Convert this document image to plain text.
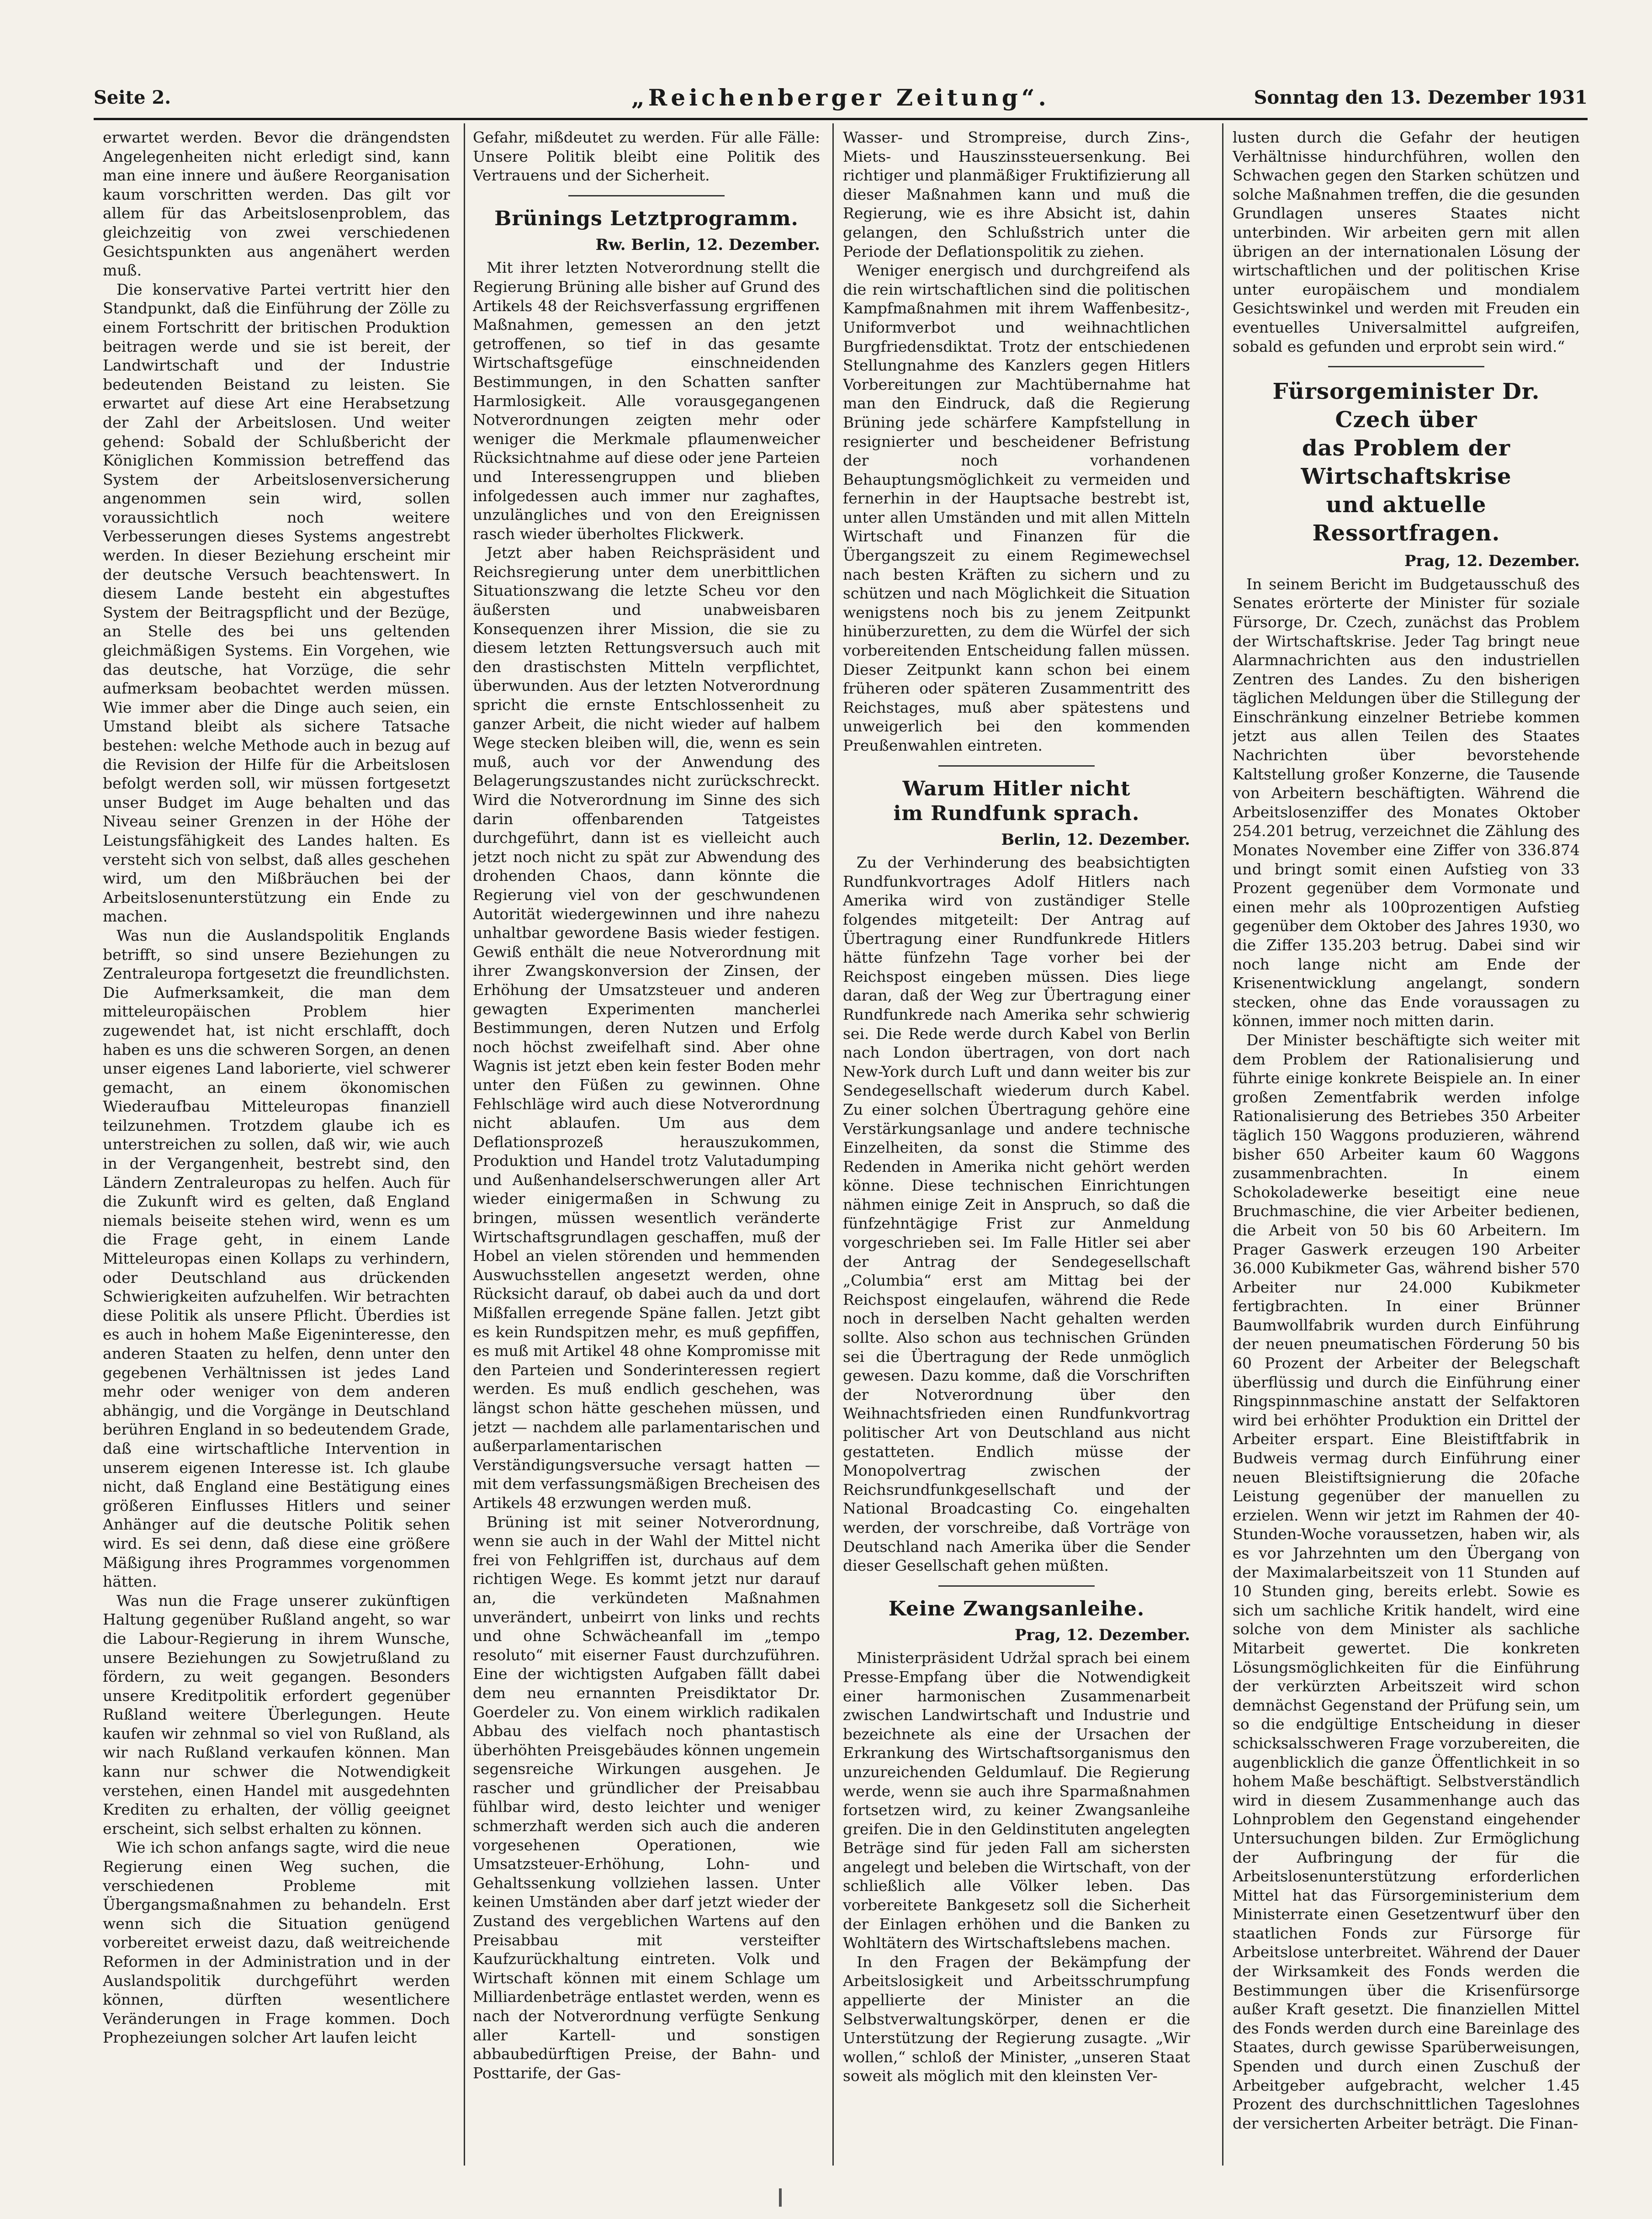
Seite 2.	„Reichenberger Zeitung“.	Sonntag den 13. Dezember 1931

erwartet werden. Bevor die drängendsten Angelegenheiten nicht erledigt sind, kann man eine innere und äußere Reorganisation kaum vorschritten werden. Das gilt vor allem für das Arbeitslosenproblem, das gleichzeitig von zwei verschiedenen Gesichtspunkten aus angenähert werden muß.

Die konservative Partei vertritt hier den Standpunkt, daß die Einführung der Zölle zu einem Fortschritt der britischen Produktion beitragen werde und sie ist bereit, der Landwirtschaft und der Industrie bedeutenden Beistand zu leisten. Sie erwartet auf diese Art eine Herabsetzung der Zahl der Arbeitslosen. Und weiter gehend: Sobald der Schlußbericht der Königlichen Kommission betreffend das System der Arbeitslosenversicherung angenommen sein wird, sollen voraussichtlich noch weitere Verbesserungen dieses Systems angestrebt werden. In dieser Beziehung erscheint mir der deutsche Versuch beachtenswert. In diesem Lande besteht ein abgestuftes System der Beitragspflicht und der Bezüge, an Stelle des bei uns geltenden gleichmäßigen Systems. Ein Vorgehen, wie das deutsche, hat Vorzüge, die sehr aufmerksam beobachtet werden müssen. Wie immer aber die Dinge auch seien, ein Umstand bleibt als sichere Tatsache bestehen: welche Methode auch in bezug auf die Revision der Hilfe für die Arbeitslosen befolgt werden soll, wir müssen fortgesetzt unser Budget im Auge behalten und das Niveau seiner Grenzen in der Höhe der Leistungsfähigkeit des Landes halten. Es versteht sich von selbst, daß alles geschehen wird, um den Mißbräuchen bei der Arbeitslosenunterstützung ein Ende zu machen.

Was nun die Auslandspolitik Englands betrifft, so sind unsere Beziehungen zu Zentraleuropa fortgesetzt die freundlichsten. Die Aufmerksamkeit, die man dem mitteleuropäischen Problem hier zugewendet hat, ist nicht erschlafft, doch haben es uns die schweren Sorgen, an denen unser eigenes Land laborierte, viel schwerer gemacht, an einem ökonomischen Wiederaufbau Mitteleuropas finanziell teilzunehmen. Trotzdem glaube ich es unterstreichen zu sollen, daß wir, wie auch in der Vergangenheit, bestrebt sind, den Ländern Zentraleuropas zu helfen. Auch für die Zukunft wird es gelten, daß England niemals beiseite stehen wird, wenn es um die Frage geht, in einem Lande Mitteleuropas einen Kollaps zu verhindern, oder Deutschland aus drückenden Schwierigkeiten aufzuhelfen. Wir betrachten diese Politik als unsere Pflicht. Überdies ist es auch in hohem Maße Eigeninteresse, den anderen Staaten zu helfen, denn unter den gegebenen Verhältnissen ist jedes Land mehr oder weniger von dem anderen abhängig, und die Vorgänge in Deutschland berühren England in so bedeutendem Grade, daß eine wirtschaftliche Intervention in unserem eigenen Interesse ist. Ich glaube nicht, daß England eine Bestätigung eines größeren Einflusses Hitlers und seiner Anhänger auf die deutsche Politik sehen wird. Es sei denn, daß diese eine größere Mäßigung ihres Programmes vorgenommen hätten.

Was nun die Frage unserer zukünftigen Haltung gegenüber Rußland angeht, so war die Labour-Regierung in ihrem Wunsche, unsere Beziehungen zu Sowjetrußland zu fördern, zu weit gegangen. Besonders unsere Kreditpolitik erfordert gegenüber Rußland weitere Überlegungen. Heute kaufen wir zehnmal so viel von Rußland, als wir nach Rußland verkaufen können. Man kann nur schwer die Notwendigkeit verstehen, einen Handel mit ausgedehnten Krediten zu erhalten, der völlig geeignet erscheint, sich selbst erhalten zu können.

Wie ich schon anfangs sagte, wird die neue Regierung einen Weg suchen, die verschiedenen Probleme mit Übergangsmaßnahmen zu behandeln. Erst wenn sich die Situation genügend vorbereitet erweist dazu, daß weitreichende Reformen in der Administration und in der Auslandspolitik durchgeführt werden können, dürften wesentlichere Veränderungen in Frage kommen. Doch Prophezeiungen solcher Art laufen leicht

Gefahr, mißdeutet zu werden. Für alle Fälle: Unsere Politik bleibt eine Politik des Vertrauens und der Sicherheit.

Brünings Letztprogramm.
Rw. Berlin, 12. Dezember.

Mit ihrer letzten Notverordnung stellt die Regierung Brüning alle bisher auf Grund des Artikels 48 der Reichsverfassung ergriffenen Maßnahmen, gemessen an den jetzt getroffenen, so tief in das gesamte Wirtschaftsgefüge einschneidenden Bestimmungen, in den Schatten sanfter Harmlosigkeit. Alle vorausgegangenen Notverordnungen zeigten mehr oder weniger die Merkmale pflaumenweicher Rücksichtnahme auf diese oder jene Parteien und Interessengruppen und blieben infolgedessen auch immer nur zaghaftes, unzulängliches und von den Ereignissen rasch wieder überholtes Flickwerk.

Jetzt aber haben Reichspräsident und Reichsregierung unter dem unerbittlichen Situationszwang die letzte Scheu vor den äußersten und unabweisbaren Konsequenzen ihrer Mission, die sie zu diesem letzten Rettungsversuch auch mit den drastischsten Mitteln verpflichtet, überwunden. Aus der letzten Notverordnung spricht die ernste Entschlossenheit zu ganzer Arbeit, die nicht wieder auf halbem Wege stecken bleiben will, die, wenn es sein muß, auch vor der Anwendung des Belagerungszustandes nicht zurückschreckt. Wird die Notverordnung im Sinne des sich darin offenbarenden Tatgeistes durchgeführt, dann ist es vielleicht auch jetzt noch nicht zu spät zur Abwendung des drohenden Chaos, dann könnte die Regierung viel von der geschwundenen Autorität wiedergewinnen und ihre nahezu unhaltbar gewordene Basis wieder festigen. Gewiß enthält die neue Notverordnung mit ihrer Zwangskonversion der Zinsen, der Erhöhung der Umsatzsteuer und anderen gewagten Experimenten mancherlei Bestimmungen, deren Nutzen und Erfolg noch höchst zweifelhaft sind. Aber ohne Wagnis ist jetzt eben kein fester Boden mehr unter den Füßen zu gewinnen. Ohne Fehlschläge wird auch diese Notverordnung nicht ablaufen. Um aus dem Deflationsprozeß herauszukommen, Produktion und Handel trotz Valutadumping und Außenhandelserschwerungen aller Art wieder einigermaßen in Schwung zu bringen, müssen wesentlich veränderte Wirtschaftsgrundlagen geschaffen, muß der Hobel an vielen störenden und hemmenden Auswuchsstellen angesetzt werden, ohne Rücksicht darauf, ob dabei auch da und dort Mißfallen erregende Späne fallen. Jetzt gibt es kein Rundspitzen mehr, es muß gepfiffen, es muß mit Artikel 48 ohne Kompromisse mit den Parteien und Sonderinteressen regiert werden. Es muß endlich geschehen, was längst schon hätte geschehen müssen, und jetzt — nachdem alle parlamentarischen und außerparlamentarischen Verständigungsversuche versagt hatten — mit dem verfassungsmäßigen Brecheisen des Artikels 48 erzwungen werden muß.

Brüning ist mit seiner Notverordnung, wenn sie auch in der Wahl der Mittel nicht frei von Fehlgriffen ist, durchaus auf dem richtigen Wege. Es kommt jetzt nur darauf an, die verkündeten Maßnahmen unverändert, unbeirrt von links und rechts und ohne Schwächeanfall im „tempo resoluto“ mit eiserner Faust durchzuführen. Eine der wichtigsten Aufgaben fällt dabei dem neu ernannten Preisdiktator Dr. Goerdeler zu. Von einem wirklich radikalen Abbau des vielfach noch phantastisch überhöhten Preisgebäudes können ungemein segensreiche Wirkungen ausgehen. Je rascher und gründlicher der Preisabbau fühlbar wird, desto leichter und weniger schmerzhaft werden sich auch die anderen vorgesehenen Operationen, wie Umsatzsteuer-Erhöhung, Lohn- und Gehaltssenkung vollziehen lassen. Unter keinen Umständen aber darf jetzt wieder der Zustand des vergeblichen Wartens auf den Preisabbau mit versteifter Kaufzurückhaltung eintreten. Volk und Wirtschaft können mit einem Schlage um Milliardenbeträge entlastet werden, wenn es nach der Notverordnung verfügte Senkung aller Kartell- und sonstigen abbaubedürftigen Preise, der Bahn- und Posttarife, der Gas-

Wasser- und Strompreise, durch Zins-, Miets- und Hauszinssteuersenkung. Bei richtiger und planmäßiger Fruktifizierung all dieser Maßnahmen kann und muß die Regierung, wie es ihre Absicht ist, dahin gelangen, den Schlußstrich unter die Periode der Deflationspolitik zu ziehen.

Weniger energisch und durchgreifend als die rein wirtschaftlichen sind die politischen Kampfmaßnahmen mit ihrem Waffenbesitz-, Uniformverbot und weihnachtlichen Burgfriedensdiktat. Trotz der entschiedenen Stellungnahme des Kanzlers gegen Hitlers Vorbereitungen zur Machtübernahme hat man den Eindruck, daß die Regierung Brüning jede schärfere Kampfstellung in resignierter und bescheidener Befristung der noch vorhandenen Behauptungsmöglichkeit zu vermeiden und fernerhin in der Hauptsache bestrebt ist, unter allen Umständen und mit allen Mitteln Wirtschaft und Finanzen für die Übergangszeit zu einem Regimewechsel nach besten Kräften zu sichern und zu schützen und nach Möglichkeit die Situation wenigstens noch bis zu jenem Zeitpunkt hinüberzuretten, zu dem die Würfel der sich vorbereitenden Entscheidung fallen müssen. Dieser Zeitpunkt kann schon bei einem früheren oder späteren Zusammentritt des Reichstages, muß aber spätestens und unweigerlich bei den kommenden Preußenwahlen eintreten.

Warum Hitler nicht
im Rundfunk sprach.
Berlin, 12. Dezember.

Zu der Verhinderung des beabsichtigten Rundfunkvortrages Adolf Hitlers nach Amerika wird von zuständiger Stelle folgendes mitgeteilt: Der Antrag auf Übertragung einer Rundfunkrede Hitlers hätte fünfzehn Tage vorher bei der Reichspost eingeben müssen. Dies liege daran, daß der Weg zur Übertragung einer Rundfunkrede nach Amerika sehr schwierig sei. Die Rede werde durch Kabel von Berlin nach London übertragen, von dort nach New-York durch Luft und dann weiter bis zur Sendegesellschaft wiederum durch Kabel. Zu einer solchen Übertragung gehöre eine Verstärkungsanlage und andere technische Einzelheiten, da sonst die Stimme des Redenden in Amerika nicht gehört werden könne. Diese technischen Einrichtungen nähmen einige Zeit in Anspruch, so daß die fünfzehntägige Frist zur Anmeldung vorgeschrieben sei. Im Falle Hitler sei aber der Antrag der Sendegesellschaft „Columbia“ erst am Mittag bei der Reichspost eingelaufen, während die Rede noch in derselben Nacht gehalten werden sollte. Also schon aus technischen Gründen sei die Übertragung der Rede unmöglich gewesen. Dazu komme, daß die Vorschriften der Notverordnung über den Weihnachtsfrieden einen Rundfunkvortrag politischer Art von Deutschland aus nicht gestatteten. Endlich müsse der Monopolvertrag zwischen der Reichsrundfunkgesellschaft und der National Broadcasting Co. eingehalten werden, der vorschreibe, daß Vorträge von Deutschland nach Amerika über die Sender dieser Gesellschaft gehen müßten.

Keine Zwangsanleihe.
Prag, 12. Dezember.

Ministerpräsident Udržal sprach bei einem Presse-Empfang über die Notwendigkeit einer harmonischen Zusammenarbeit zwischen Landwirtschaft und Industrie und bezeichnete als eine der Ursachen der Erkrankung des Wirtschaftsorganismus den unzureichenden Geldumlauf. Die Regierung werde, wenn sie auch ihre Sparmaßnahmen fortsetzen wird, zu keiner Zwangsanleihe greifen. Die in den Geldinstituten angelegten Beträge sind für jeden Fall am sichersten angelegt und beleben die Wirtschaft, von der schließlich alle Völker leben. Das vorbereitete Bankgesetz soll die Sicherheit der Einlagen erhöhen und die Banken zu Wohltätern des Wirtschaftslebens machen.

In den Fragen der Bekämpfung der Arbeitslosigkeit und Arbeitsschrumpfung appellierte der Minister an die Selbstverwaltungskörper, denen er die Unterstützung der Regierung zusagte. „Wir wollen,“ schloß der Minister, „unseren Staat soweit als möglich mit den kleinsten Ver-

lusten durch die Gefahr der heutigen Verhältnisse hindurchführen, wollen den Schwachen gegen den Starken schützen und solche Maßnahmen treffen, die die gesunden Grundlagen unseres Staates nicht unterbinden. Wir arbeiten gern mit allen übrigen an der internationalen Lösung der wirtschaftlichen und der politischen Krise unter europäischem und mondialem Gesichtswinkel und werden mit Freuden ein eventuelles Universalmittel aufgreifen, sobald es gefunden und erprobt sein wird.“

Fürsorgeminister Dr. Czech über
das Problem der Wirtschaftskrise
und aktuelle Ressortfragen.
Prag, 12. Dezember.

In seinem Bericht im Budgetausschuß des Senates erörterte der Minister für soziale Fürsorge, Dr. Czech, zunächst das Problem der Wirtschaftskrise. Jeder Tag bringt neue Alarmnachrichten aus den industriellen Zentren des Landes. Zu den bisherigen täglichen Meldungen über die Stillegung der Einschränkung einzelner Betriebe kommen jetzt aus allen Teilen des Staates Nachrichten über bevorstehende Kaltstellung großer Konzerne, die Tausende von Arbeitern beschäftigten. Während die Arbeitslosenziffer des Monates Oktober 254.201 betrug, verzeichnet die Zählung des Monates November eine Ziffer von 336.874 und bringt somit einen Aufstieg von 33 Prozent gegenüber dem Vormonate und einen mehr als 100prozentigen Aufstieg gegenüber dem Oktober des Jahres 1930, wo die Ziffer 135.203 betrug. Dabei sind wir noch lange nicht am Ende der Krisenentwicklung angelangt, sondern stecken, ohne das Ende voraussagen zu können, immer noch mitten darin.

Der Minister beschäftigte sich weiter mit dem Problem der Rationalisierung und führte einige konkrete Beispiele an. In einer großen Zementfabrik werden infolge Rationalisierung des Betriebes 350 Arbeiter täglich 150 Waggons produzieren, während bisher 650 Arbeiter kaum 60 Waggons zusammenbrachten. In einem Schokoladewerke beseitigt eine neue Bruchmaschine, die vier Arbeiter bedienen, die Arbeit von 50 bis 60 Arbeitern. Im Prager Gaswerk erzeugen 190 Arbeiter 36.000 Kubikmeter Gas, während bisher 570 Arbeiter nur 24.000 Kubikmeter fertigbrachten. In einer Brünner Baumwollfabrik wurden durch Einführung der neuen pneumatischen Förderung 50 bis 60 Prozent der Arbeiter der Belegschaft überflüssig und durch die Einführung einer Ringspinnmaschine anstatt der Selfaktoren wird bei erhöhter Produktion ein Drittel der Arbeiter erspart. Eine Bleistiftfabrik in Budweis vermag durch Einführung einer neuen Bleistiftsignierung die 20fache Leistung gegenüber der manuellen zu erzielen. Wenn wir jetzt im Rahmen der 40-Stunden-Woche voraussetzen, haben wir, als es vor Jahrzehnten um den Übergang von der Maximalarbeitszeit von 11 Stunden auf 10 Stunden ging, bereits erlebt. Sowie es sich um sachliche Kritik handelt, wird eine solche von dem Minister als sachliche Mitarbeit gewertet. Die konkreten Lösungsmöglichkeiten für die Einführung der verkürzten Arbeitszeit wird schon demnächst Gegenstand der Prüfung sein, um so die endgültige Entscheidung in dieser schicksalsschweren Frage vorzubereiten, die augenblicklich die ganze Öffentlichkeit in so hohem Maße beschäftigt. Selbstverständlich wird in diesem Zusammenhange auch das Lohnproblem den Gegenstand eingehender Untersuchungen bilden. Zur Ermöglichung der Aufbringung der für die Arbeitslosenunterstützung erforderlichen Mittel hat das Fürsorgeministerium dem Ministerrate einen Gesetzentwurf über den staatlichen Fonds zur Fürsorge für Arbeitslose unterbreitet. Während der Dauer der Wirksamkeit des Fonds werden die Bestimmungen über die Krisenfürsorge außer Kraft gesetzt. Die finanziellen Mittel des Fonds werden durch eine Bareinlage des Staates, durch gewisse Sparüberweisungen, Spenden und durch einen Zuschuß der Arbeitgeber aufgebracht, welcher 1.45 Prozent des durchschnittlichen Tageslohnes der versicherten Arbeiter beträgt. Die Finan-
